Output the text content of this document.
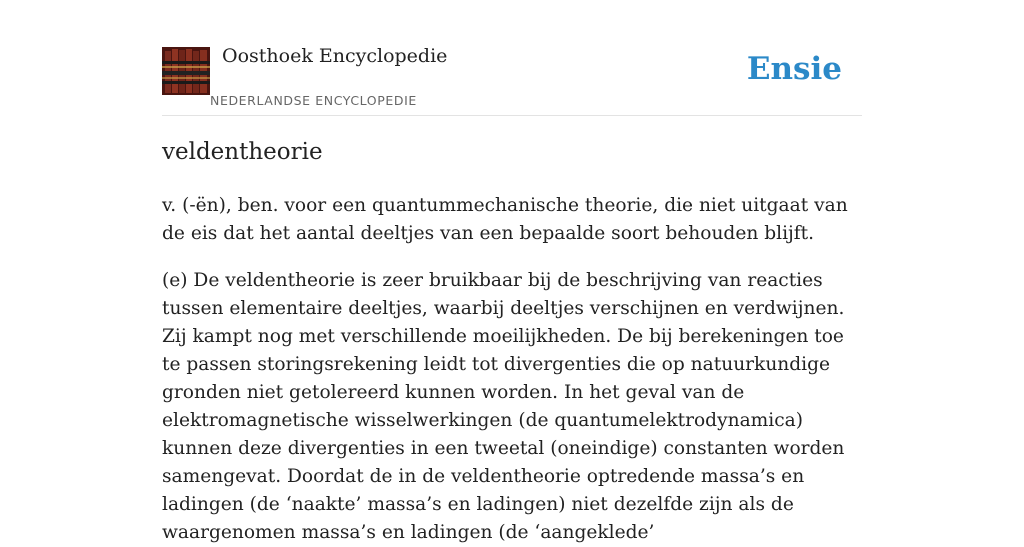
Oosthoek Encyclopedie
NEDERLANDSE ENCYCLOPEDIE
Ensie
veldentheorie

v. (-ën), ben. voor een quantummechanische theorie, die niet uitgaat van de eis dat het aantal deeltjes van een bepaalde soort behouden blijft.

(e) De veldentheorie is zeer bruikbaar bij de beschrijving van reacties tussen elementaire deeltjes, waarbij deeltjes verschijnen en verdwijnen. Zij kampt nog met verschillende moeilijkheden. De bij berekeningen toe te passen storingsrekening leidt tot divergenties die op natuurkundige gronden niet getolereerd kunnen worden. In het geval van de elektromagnetische wisselwerkingen (de quantumelektrodynamica) kunnen deze divergenties in een tweetal (oneindige) constanten worden samengevat. Doordat de in de veldentheorie optredende massa’s en ladingen (de ‘naakte’ massa’s en ladingen) niet dezelfde zijn als de waargenomen massa’s en ladingen (de ‘aangeklede’
